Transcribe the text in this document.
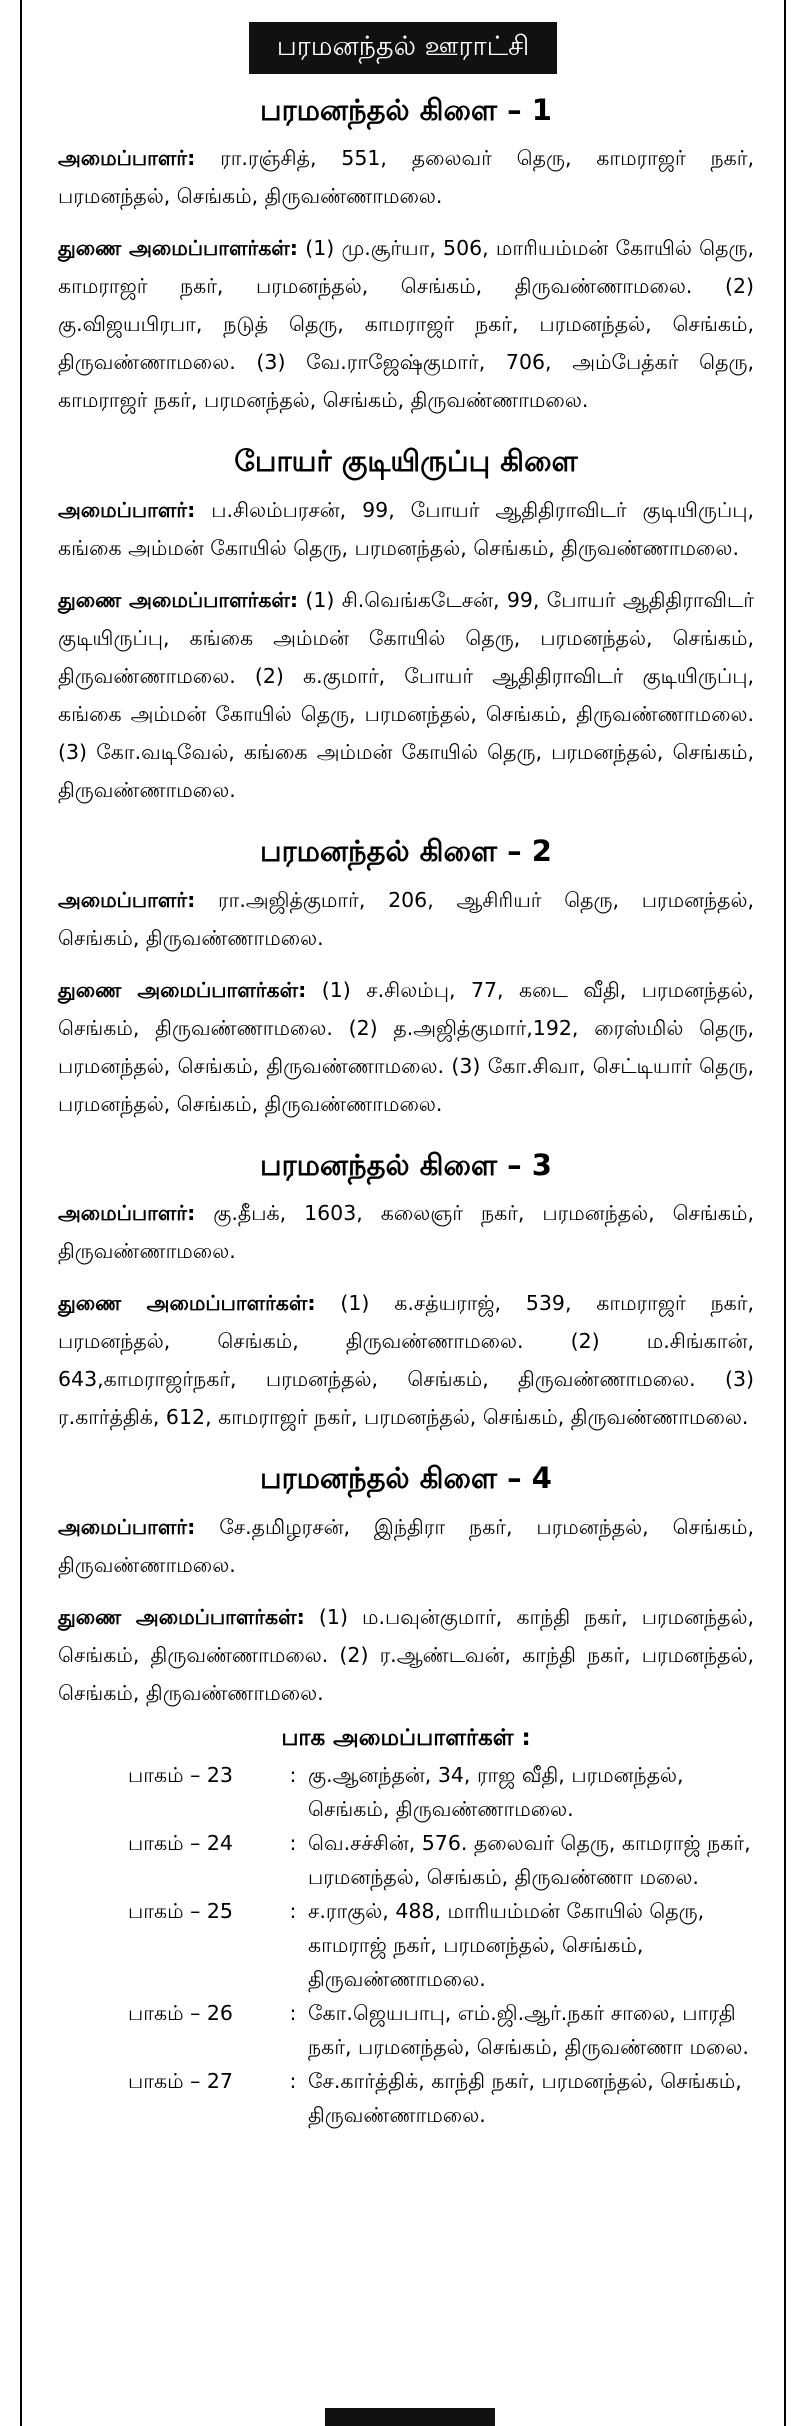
பரமனந்தல் ஊராட்சி
பரமனந்தல் கிளை – 1

அமைப்பாளர்: ரா.ரஞ்சித், 551, தலைவர் தெரு, காமராஜர் நகர், பரமனந்தல், செங்கம், திருவண்ணாமலை.

துணை அமைப்பாளர்கள்: (1) மு.சூர்யா, 506, மாரியம்மன் கோயில் தெரு, காமராஜர் நகர், பரமனந்தல், செங்கம், திருவண்ணாமலை. (2) கு.விஜயபிரபா, நடுத் தெரு, காமராஜர் நகர், பரமனந்தல், செங்கம், திருவண்ணாமலை. (3) வே.ராஜேஷ்குமார், 706, அம்பேத்கர் தெரு, காமராஜர் நகர், பரமனந்தல், செங்கம், திருவண்ணாமலை.

போயர் குடியிருப்பு கிளை

அமைப்பாளர்: ப.சிலம்பரசன், 99, போயர் ஆதிதிராவிடர் குடியிருப்பு, கங்கை அம்மன் கோயில் தெரு, பரமனந்தல், செங்கம், திருவண்ணாமலை.

துணை அமைப்பாளர்கள்: (1) சி.வெங்கடேசன், 99, போயர் ஆதிதிராவிடர் குடியிருப்பு, கங்கை அம்மன் கோயில் தெரு, பரமனந்தல், செங்கம், திருவண்ணாமலை. (2) க.குமார், போயர் ஆதிதிராவிடர் குடியிருப்பு, கங்கை அம்மன் கோயில் தெரு, பரமனந்தல், செங்கம், திருவண்ணாமலை. (3) கோ.வடிவேல், கங்கை அம்மன் கோயில் தெரு, பரமனந்தல், செங்கம், திருவண்ணாமலை.

பரமனந்தல் கிளை – 2

அமைப்பாளர்: ரா.அஜித்குமார், 206, ஆசிரியர் தெரு, பரமனந்தல், செங்கம், திருவண்ணாமலை.

துணை அமைப்பாளர்கள்: (1) ச.சிலம்பு, 77, கடை வீதி, பரமனந்தல், செங்கம், திருவண்ணாமலை. (2) த.அஜித்குமார்,192, ரைஸ்மில் தெரு, பரமனந்தல், செங்கம், திருவண்ணாமலை. (3) கோ.சிவா, செட்டியார் தெரு, பரமனந்தல், செங்கம், திருவண்ணாமலை.

பரமனந்தல் கிளை – 3

அமைப்பாளர்: கு.தீபக், 1603, கலைஞர் நகர், பரமனந்தல், செங்கம், திருவண்ணாமலை.

துணை அமைப்பாளர்கள்: (1) க.சத்யராஜ், 539, காமராஜர் நகர், பரமனந்தல், செங்கம், திருவண்ணாமலை. (2) ம.சிங்கான், 643,காமராஜர்நகர், பரமனந்தல், செங்கம், திருவண்ணாமலை. (3) ர.கார்த்திக், 612, காமராஜர் நகர், பரமனந்தல், செங்கம், திருவண்ணாமலை.

பரமனந்தல் கிளை – 4

அமைப்பாளர்: சே.தமிழரசன், இந்திரா நகர், பரமனந்தல், செங்கம், திருவண்ணாமலை.

துணை அமைப்பாளர்கள்: (1) ம.பவுன்குமார், காந்தி நகர், பரமனந்தல், செங்கம், திருவண்ணாமலை. (2) ர.ஆண்டவன், காந்தி நகர், பரமனந்தல், செங்கம், திருவண்ணாமலை.

பாக அமைப்பாளர்கள் :
பாகம் – 23	:	கு.ஆனந்தன், 34, ராஜ வீதி, பரமனந்தல், செங்கம், திருவண்ணாமலை.
பாகம் – 24	:	வெ.சச்சின், 576. தலைவர் தெரு, காமராஜ் நகர், பரமனந்தல், செங்கம், திருவண்ணா மலை.
பாகம் – 25	:	ச.ராகுல், 488, மாரியம்மன் கோயில் தெரு, காமராஜ் நகர், பரமனந்தல், செங்கம், திருவண்ணாமலை.
பாகம் – 26	:	கோ.ஜெயபாபு, எம்.ஜி.ஆர்.நகர் சாலை, பாரதி நகர், பரமனந்தல், செங்கம், திருவண்ணா மலை.
பாகம் – 27	:	சே.கார்த்திக், காந்தி நகர், பரமனந்தல், செங்கம், திருவண்ணாமலை.
